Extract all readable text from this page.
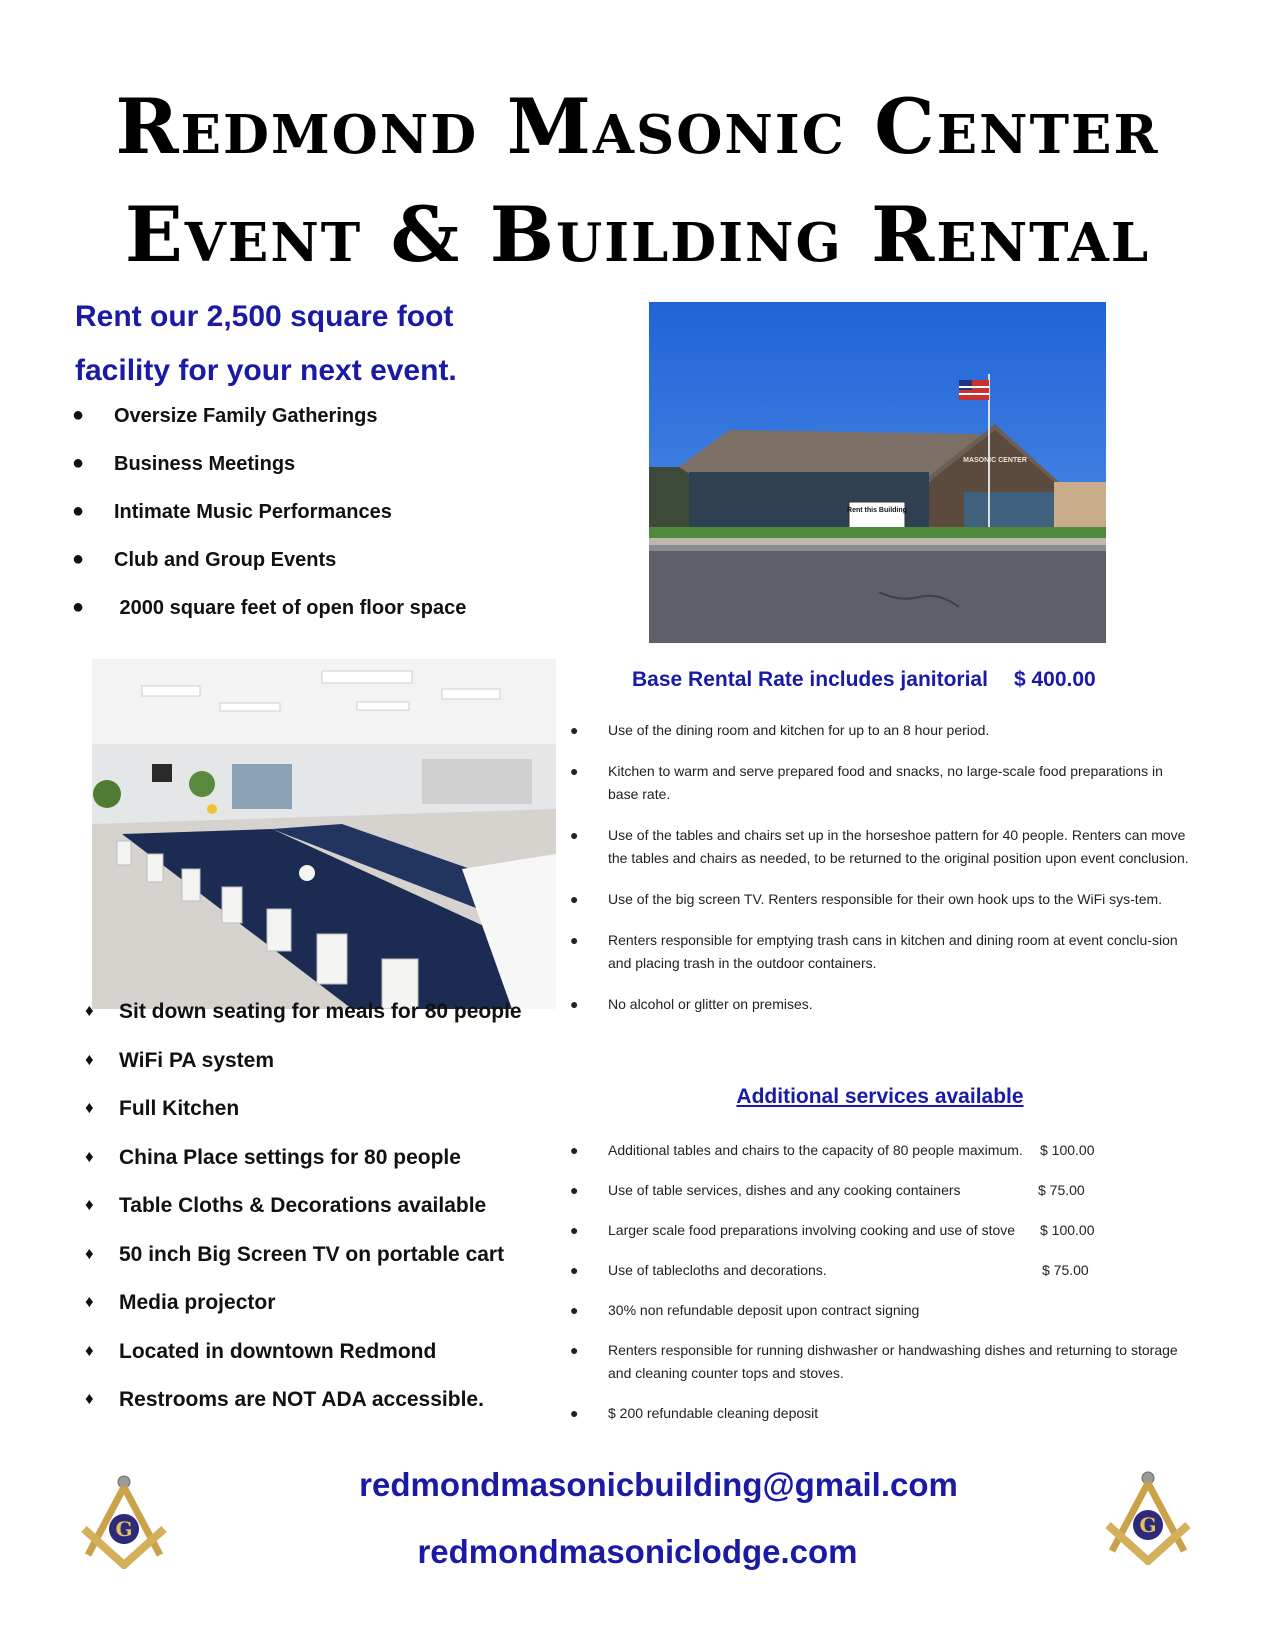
Redmond Masonic Center
Event & Building Rental
Rent our 2,500 square foot
facility for your next event.
● Oversize Family Gatherings
● Business Meetings
● Intimate Music Performances
● Club and Group Events
● 2000 square feet of open floor space
MASONIC CENTER
Rent this Building
Base Rental Rate includes janitorial $ 400.00
● Use of the dining room and kitchen for up to an 8 hour period.
● Kitchen to warm and serve prepared food and snacks, no large-scale food preparations in base rate.
● Use of the tables and chairs set up in the horseshoe pattern for 40 people. Renters can move the tables and chairs as needed, to be returned to the original position upon event conclusion.
● Use of the big screen TV. Renters responsible for their own hook ups to the WiFi sys-tem.
● Renters responsible for emptying trash cans in kitchen and dining room at event conclu-sion and placing trash in the outdoor containers.
● No alcohol or glitter on premises.
Additional services available
● Additional tables and chairs to the capacity of 80 people maximum. $ 100.00
● Use of table services, dishes and any cooking containers	$ 75.00
● Larger scale food preparations involving cooking and use of stove $ 100.00
● Use of tablecloths and decorations.	$ 75.00
● 30% non refundable deposit upon contract signing
● Renters responsible for running dishwasher or handwashing dishes and returning to storage and cleaning counter tops and stoves.
● $ 200 refundable cleaning deposit
♦ Sit down seating for meals for 80 people
♦ WiFi PA system
♦ Full Kitchen
♦ China Place settings for 80 people
♦ Table Cloths & Decorations available
♦ 50 inch Big Screen TV on portable cart
♦ Media projector
♦ Located in downtown Redmond
♦ Restrooms are NOT ADA accessible.
G	G
redmondmasonicbuilding@gmail.com
redmondmasoniclodge.com
